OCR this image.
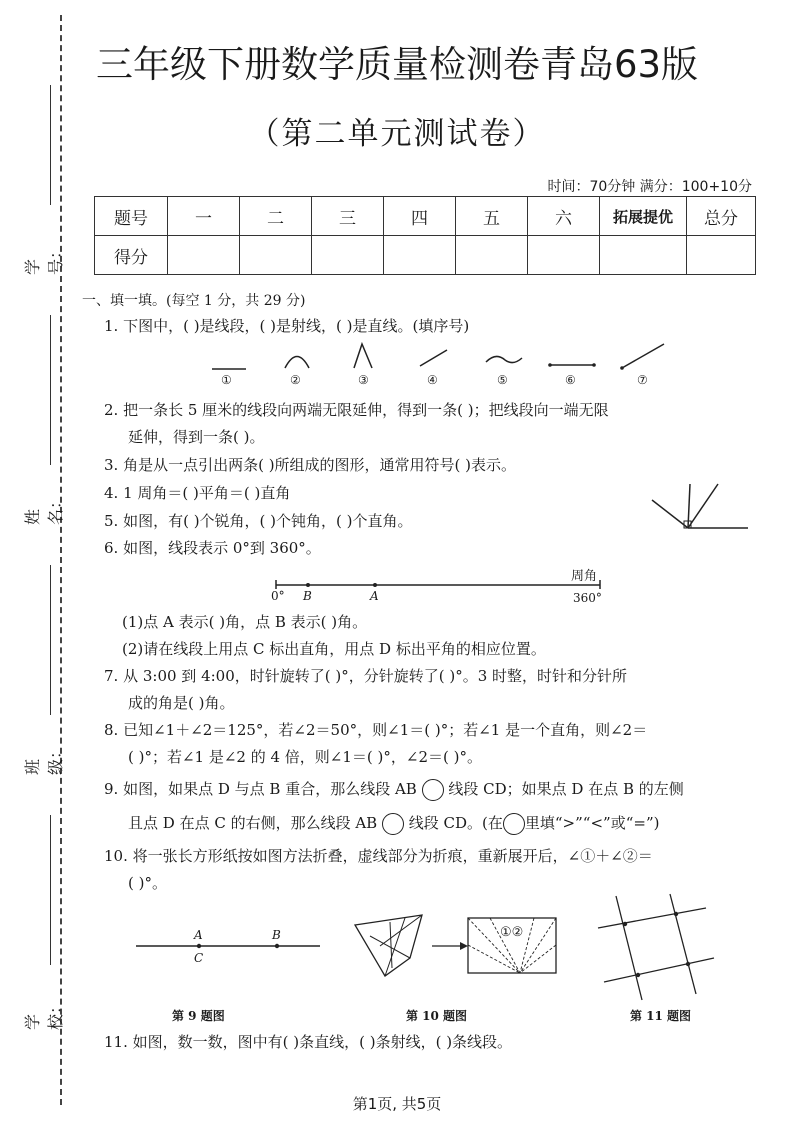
三年级下册数学质量检测卷青岛63版
（第二单元测试卷）
时间：70分钟 满分：100+10分
学号：
姓名：
班级：
学校：
题号	一	二	三	四	五	六	拓展提优	总分
得分								
一、填一填。(每空 1 分，共 29 分)
1. 下图中，( )是线段，( )是射线，( )是直线。(填序号)
①	②	③	④	⑤	⑥	⑦
2. 把一条长 5 厘米的线段向两端无限延伸，得到一条( )；把线段向一端无限
延伸，得到一条( )。
3. 角是从一点引出两条( )所组成的图形，通常用符号( )表示。
4. 1 周角＝( )平角＝( )直角
5. 如图，有( )个锐角，( )个钝角，( )个直角。
6. 如图，线段表示 0°到 360°。
周角
0° B	A	360°
(1)点 A 表示( )角，点 B 表示( )角。
(2)请在线段上用点 C 标出直角，用点 D 标出平角的相应位置。
7. 从 3:00 到 4:00，时针旋转了( )°，分针旋转了( )°。3 时整，时针和分针所
成的角是( )角。
8. 已知∠1＋∠2＝125°，若∠2＝50°，则∠1＝( )°；若∠1 是一个直角，则∠2＝
( )°；若∠1 是∠2 的 4 倍，则∠1＝( )°，∠2＝( )°。
9. 如图，如果点 D 与点 B 重合，那么线段 AB 线段 CD；如果点 D 在点 B 的左侧
且点 D 在点 C 的右侧，那么线段 AB 线段 CD。(在 里填“>”“<”或“=”)
10. 将一张长方形纸按如图方法折叠，虚线部分为折痕，重新展开后，∠①＋∠②＝
( )°。
A	B
C
①②
第 9 题图	第 10 题图	第 11 题图
11. 如图，数一数，图中有( )条直线，( )条射线，( )条线段。
第1页, 共5页
